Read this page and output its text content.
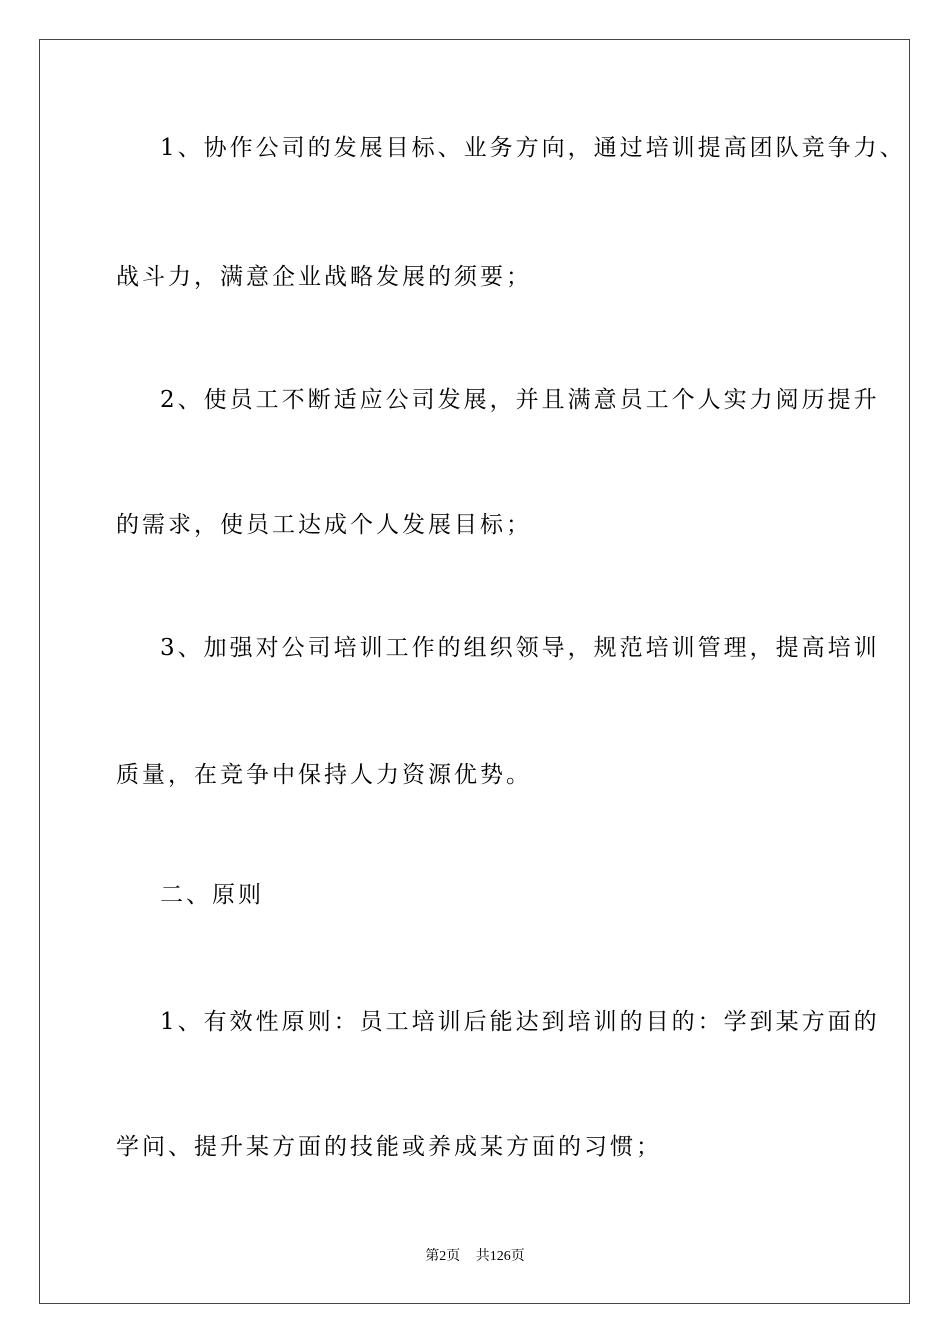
1、协作公司的发展目标、业务方向，通过培训提高团队竞争力、
战斗力，满意企业战略发展的须要；
2、使员工不断适应公司发展，并且满意员工个人实力阅历提升
的需求，使员工达成个人发展目标；
3、加强对公司培训工作的组织领导，规范培训管理，提高培训
质量，在竞争中保持人力资源优势。
二、原则
1、有效性原则：员工培训后能达到培训的目的：学到某方面的
学问、提升某方面的技能或养成某方面的习惯；
第2页 共126页
